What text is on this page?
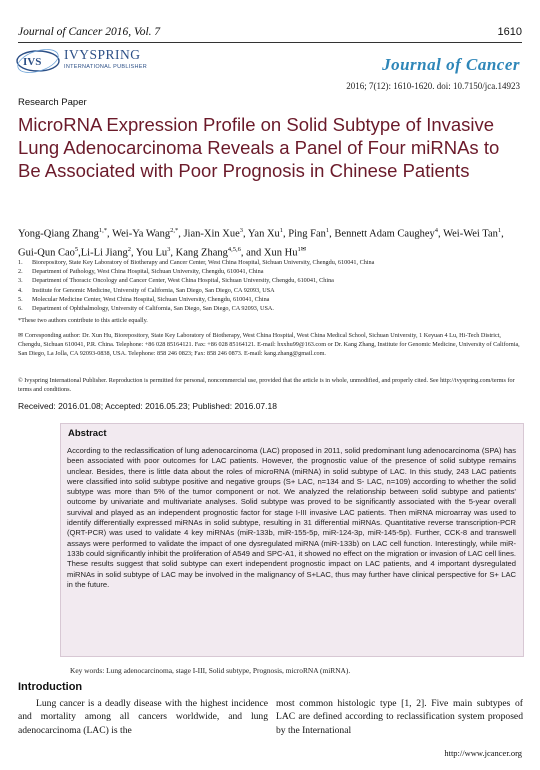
Journal of Cancer 2016, Vol. 7	1610
IVS IVYSPRING
INTERNATIONAL PUBLISHER	Journal of Cancer
2016; 7(12): 1610-1620. doi: 10.7150/jca.14923
Research Paper
MicroRNA Expression Profile on Solid Subtype of Invasive Lung Adenocarcinoma Reveals a Panel of Four miRNAs to Be Associated with Poor Prognosis in Chinese Patients
Yong-Qiang Zhang$^{1,*}$, Wei-Ya Wang$^{2,*}$, Jian-Xin Xue$^3$, Yan Xu$^1$, Ping Fan$^1$, Bennett Adam Caughey$^4$, Wei-Wei Tan$^1$, Gui-Qun Cao$^5$,Li-Li Jiang$^2$, You Lu$^3$, Kang Zhang$^{4,5,6}$, and Xun $Hu^{1✉}$
1.	Biorepository, State Key Laboratory of Biotherapy and Cancer Center, West China Hospital, Sichuan University, Chengdu, 610041, China
2.	Department of Pathology, West China Hospital, Sichuan University, Chengdu, 610041, China
3.	Department of Thoracic Oncology and Cancer Center, West China Hospital, Sichuan University, Chengdu, 610041, China
4.	Institute for Genomic Medicine, University of California, San Diego, San Diego, CA 92093, USA
5.	Molecular Medicine Center, West China Hospital, Sichuan University, Chengdu, 610041, China
6.	Department of Ophthalmology, University of California, San Diego, San Diego, CA 92093, USA.
*These two authors contribute to this article equally.
✉ Corresponding author: Dr. Xun Hu, Biorepository, State Key Laboratory of Biotherapy, West China Hospital, West China Medical School, Sichuan University, 1 Keyuan 4 Lu, Hi-Tech District, Chengdu, Sichuan 610041, P.R. China. Telephone: +86 028 85164121. Fax: +86 028 85164121. E-mail: hxxhu99@163.com or Dr. Kang Zhang, Institute for Genomic Medicine, University of California, San Diego, La Jolla, CA 92093-0838, USA. Telephone: 858 246 0823; Fax: 858 246 0873. E-mail: kang.zhang@gmail.com.
© Ivyspring International Publisher. Reproduction is permitted for personal, noncommercial use, provided that the article is in whole, unmodified, and properly cited. See http://ivyspring.com/terms for terms and conditions.
Received: 2016.01.08; Accepted: 2016.05.23; Published: 2016.07.18
Abstract
According to the reclassification of lung adenocarcinoma (LAC) proposed in 2011, solid predominant lung adenocarcinoma (SPA) has been associated with poor outcomes for LAC patients. However, the prognostic value of the presence of solid subtype remains unclear. Besides, there is little data about the roles of microRNA (miRNA) in solid subtype of LAC. In this study, 243 LAC patients were classified into solid subtype positive and negative groups (S+ LAC, n=134 and S- LAC, n=109) according to whether the solid subtype was more than 5% of the tumor component or not. We analyzed the relationship between solid subtype and patients' outcome by univariate and multivariate analyses. Solid subtype was proved to be significantly associated with the 5-year overall survival and played as an independent prognostic factor for stage I-III invasive LAC patients. Then miRNA microarray was used to identify differentially expressed miRNAs in solid subtype, resulting in 31 differential miRNAs. Quantitative reverse transcription-PCR (QRT-PCR) was used to validate 4 key miRNAs (miR-133b, miR-155-5p, miR-124-3p, miR-145-5p). Further, CCK-8 and transwell assays were performed to validate the impact of one dysregulated miRNA (miR-133b) on LAC cell function. Interestingly, while miR-133b could significantly inhibit the proliferation of A549 and SPC-A1, it showed no effect on the migration or invasion of LAC cell lines. These results suggest that solid subtype can exert independent prognostic impact on LAC patients, and 4 important dysregulated miRNAs in solid subtype of LAC may be involved in the malignancy of S+LAC, thus may further have clinical perspective for S+ LAC in the future.
Key words: Lung adenocarcinoma, stage I-III, Solid subtype, Prognosis, microRNA (miRNA).
Introduction
Lung cancer is a deadly disease with the highest incidence and mortality among all cancers worldwide, and lung adenocarcinoma (LAC) is the
most common histologic type [1, 2]. Five main subtypes of LAC are defined according to reclassification system proposed by the International
http://www.jcancer.org
